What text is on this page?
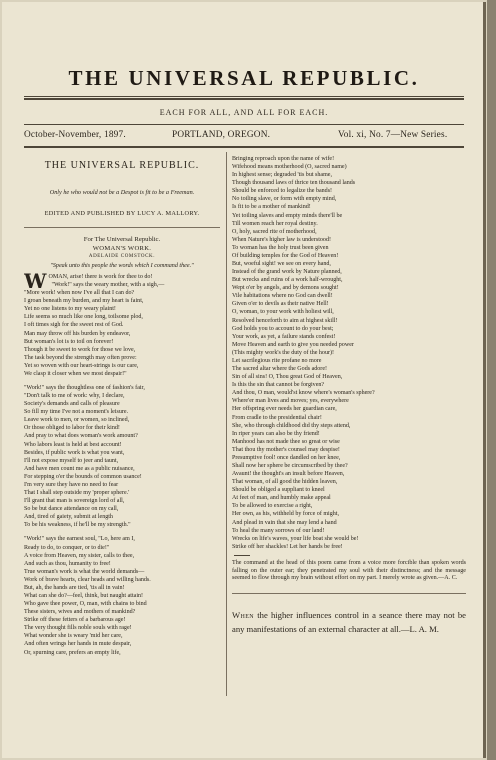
THE UNIVERSAL REPUBLIC.
EACH FOR ALL, AND ALL FOR EACH.
October-November, 1897.	PORTLAND, OREGON.	Vol. xi, No. 7—New Series.
THE UNIVERSAL REPUBLIC.
Only he who would not be a Despot is fit to be a Freeman.
EDITED AND PUBLISHED BY LUCY A. MALLORY.
For The Universal Republic.
WOMAN'S WORK.
ADELAIDE COMSTOCK.
"Speak unto this people the words which I command thee."
W OMAN, arise! there is work for thee to do!
"Work!" says the weary mother, with a sigh,—
"More work! when now I've all that I can do?
I groan beneath my burden, and my heart is faint,
Yet no one listens to my weary plaint!
Life seems so much like one long, toilsome plod,
I oft times sigh for the sweet rest of God.
Man may throw off his burden by endeavor,
But woman's lot is to toil on forever!
Though it be sweet to work for those we love,
The task beyond the strength may often prove:
Yet so woven with our heart-strings is our care,
We clasp it closer when we most despair!"
"Work!" says the thoughtless one of fashion's fair,
"Don't talk to me of work: why, I declare,
Society's demands and calls of pleasure
So fill my time I've not a moment's leisure.
Leave work to men, or women, so inclined,
Or those obliged to labor for their kind!
And pray to what does woman's work amount?
Who labors least is held at best account!
Besides, if public work is what you want,
I'll not expose myself to jeer and taunt,
And have men count me as a public nuisance,
For stepping o'er the bounds of common usance!
I'm very sure they have no need to fear
That I shall step outside my 'proper sphere.'
I'll grant that man is sovereign lord of all,
So be but dance attendance on my call,
And, tired of gaiety, submit at length
To be his weakness, if he'll be my strength."
"Work!" says the earnest soul, "Lo, here am I,
Ready to do, to conquer, or to die!"
A voice from Heaven, my sister, calls to thee,
And such as thou, humanity to free!
True woman's work is what the world demands—
Work of brave hearts, clear heads and willing hands.
But, ah, the hands are tied, 'tis all in vain!
What can she do?—feel, think, but naught attain!
Who gave thee power, O, man, with chains to bind
These sisters, wives and mothers of mankind?
Strike off these fetters of a barbarous age!
The very thought fills noble souls with rage!
What wonder she is weary 'mid her care,
And often wrings her hands in mute despair,
Or, spurning care, prefers an empty life,
Bringing reproach upon the name of wife!
Wifehood means motherhood (O, sacred name)
In highest sense; degraded 'tis but shame,
Though thousand laws of thrice ten thousand lands
Should be enforced to legalize the bands!
No toiling slave, or form with empty mind,
Is fit to be a mother of mankind!
Yet toiling slaves and empty minds there'll be
Till women reach her royal destiny.
O, holy, sacred rite of motherhood,
When Nature's higher law is understood!
To woman has the holy trust been given
Of building temples for the God of Heaven!
But, woeful sight! we see on every hand,
Instead of the grand work by Nature planned,
But wrecks and ruins of a work half-wrought,
Wept o'er by angels, and by demons sought!
Vile habitations where no God can dwell!
Given o'er to devils as their native Hell!
O, woman, to your work with holiest will,
Resolved henceforth to aim at highest skill!
God holds you to account to do your best;
Your work, as yet, a failure stands confest!
Move Heaven and earth to give you needed power
(This mighty work's the duty of the hour)!
Let sacrilegious rite profane no more
The sacred altar where the Gods adore!
Sin of all sins! O, Thou great God of Heaven,
Is this the sin that cannot be forgiven?
And thou, O man, would'st know where's woman's sphere?
Where'er man lives and moves; yes, everywhere
Her offspring ever needs her guardian care,
From cradle to the presidential chair!
She, who through childhood did thy steps attend,
In riper years can also be thy friend!
Manhood has not made thee so great or wise
That thou thy mother's counsel may despise!
Presumptive fool! once dandled on her knee,
Shall now her sphere be circumscribed by thee?
Avaunt! the thought's an insult before Heaven,
That woman, of all good the hidden leaven,
Should be obliged a suppliant to kneel
At feet of man, and humbly make appeal
To be allowed to exercise a right,
Her own, as his, withheld by force of might,
And plead in vain that she may lend a hand
To heal the many sorrows of our land!
Wrecks on life's waves, your life boat she would be!
Strike off her shackles! Let her hands be free!
The command at the head of this poem came from a voice more forcible than spoken words falling on the outer ear; they penetrated my soul with their distinctness; and the message seemed to flow through my brain without effort on my part. I merely wrote as given.—A. C.
When the higher influences control in a seance there may not be any manifestations of an external character at all.—L. A. M.
